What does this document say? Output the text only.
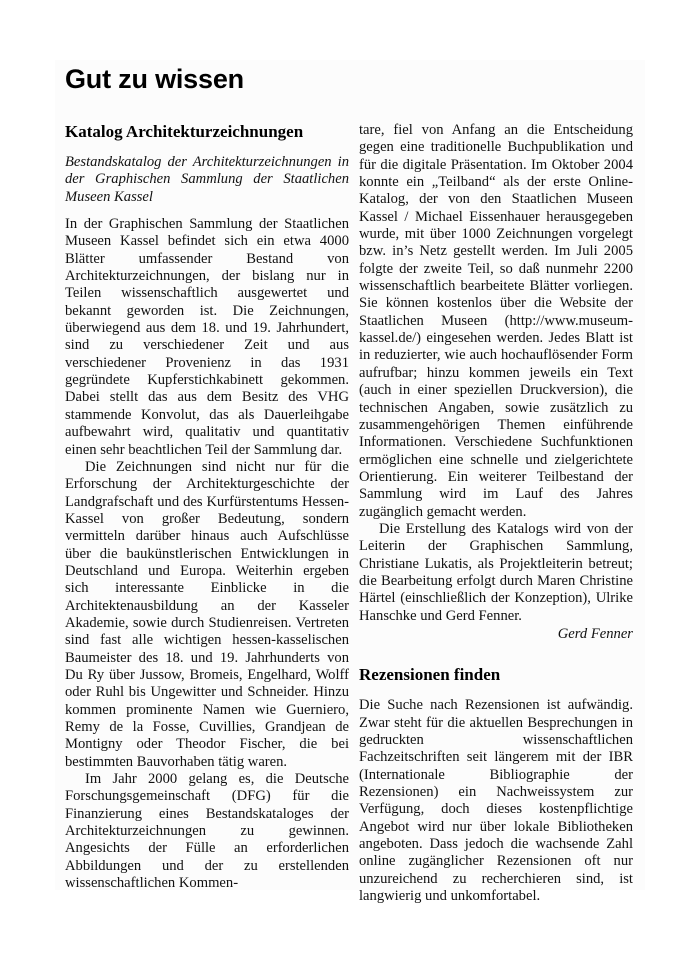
Gut zu wissen
Katalog Architekturzeichnungen

Bestandskatalog der Architekturzeichnungen in der Graphischen Sammlung der Staatlichen Museen Kassel

In der Graphischen Sammlung der Staatlichen Museen Kassel befindet sich ein etwa 4000 Blätter umfassender Bestand von Architekturzeichnungen, der bislang nur in Teilen wissenschaftlich ausgewertet und bekannt geworden ist. Die Zeichnungen, überwiegend aus dem 18. und 19. Jahrhundert, sind zu verschiedener Zeit und aus verschiedener Provenienz in das 1931 gegründete Kupferstichkabinett gekommen. Dabei stellt das aus dem Besitz des VHG stammende Konvolut, das als Dauerleihgabe aufbewahrt wird, qualitativ und quantitativ einen sehr beachtlichen Teil der Sammlung dar.

Die Zeichnungen sind nicht nur für die Erforschung der Architekturgeschichte der Landgrafschaft und des Kurfürstentums Hessen-Kassel von großer Bedeutung, sondern vermitteln darüber hinaus auch Aufschlüsse über die baukünstlerischen Entwicklungen in Deutschland und Europa. Weiterhin ergeben sich interessante Einblicke in die Architektenausbildung an der Kasseler Akademie, sowie durch Studienreisen. Vertreten sind fast alle wichtigen hessen-kasselischen Baumeister des 18. und 19. Jahrhunderts von Du Ry über Jussow, Bromeis, Engelhard, Wolff oder Ruhl bis Ungewitter und Schneider. Hinzu kommen prominente Namen wie Guerniero, Remy de la Fosse, Cuvillies, Grandjean de Montigny oder Theodor Fischer, die bei bestimmten Bauvorhaben tätig waren.

Im Jahr 2000 gelang es, die Deutsche Forschungsgemeinschaft (DFG) für die Finanzierung eines Bestandskataloges der Architekturzeichnungen zu gewinnen. Angesichts der Fülle an erforderlichen Abbildungen und der zu erstellenden wissenschaftlichen Kommen-

tare, fiel von Anfang an die Entscheidung gegen eine traditionelle Buchpublikation und für die digitale Präsentation. Im Oktober 2004 konnte ein „Teilband“ als der erste Online-Katalog, der von den Staatlichen Museen Kassel / Michael Eissenhauer herausgegeben wurde, mit über 1000 Zeichnungen vorgelegt bzw. in’s Netz gestellt werden. Im Juli 2005 folgte der zweite Teil, so daß nunmehr 2200 wissenschaftlich bearbeitete Blätter vorliegen. Sie können kostenlos über die Website der Staatlichen Museen (http://www.museum-kassel.de/) eingesehen werden. Jedes Blatt ist in reduzierter, wie auch hochauflösender Form aufrufbar; hinzu kommen jeweils ein Text (auch in einer speziellen Druckversion), die technischen Angaben, sowie zusätzlich zu zusammengehörigen Themen einführende Informationen. Verschiedene Suchfunktionen ermöglichen eine schnelle und zielgerichtete Orientierung. Ein weiterer Teilbestand der Sammlung wird im Lauf des Jahres zugänglich gemacht werden.

Die Erstellung des Katalogs wird von der Leiterin der Graphischen Sammlung, Christiane Lukatis, als Projektleiterin betreut; die Bearbeitung erfolgt durch Maren Christine Härtel (einschließlich der Konzeption), Ulrike Hanschke und Gerd Fenner.

Gerd Fenner

Rezensionen finden

Die Suche nach Rezensionen ist aufwändig. Zwar steht für die aktuellen Besprechungen in gedruckten wissenschaftlichen Fachzeitschriften seit längerem mit der IBR (Internationale Bibliographie der Rezensionen) ein Nachweissystem zur Verfügung, doch dieses kostenpflichtige Angebot wird nur über lokale Bibliotheken angeboten. Dass jedoch die wachsende Zahl online zugänglicher Rezensionen oft nur unzureichend zu recherchieren sind, ist langwierig und unkomfortabel.
